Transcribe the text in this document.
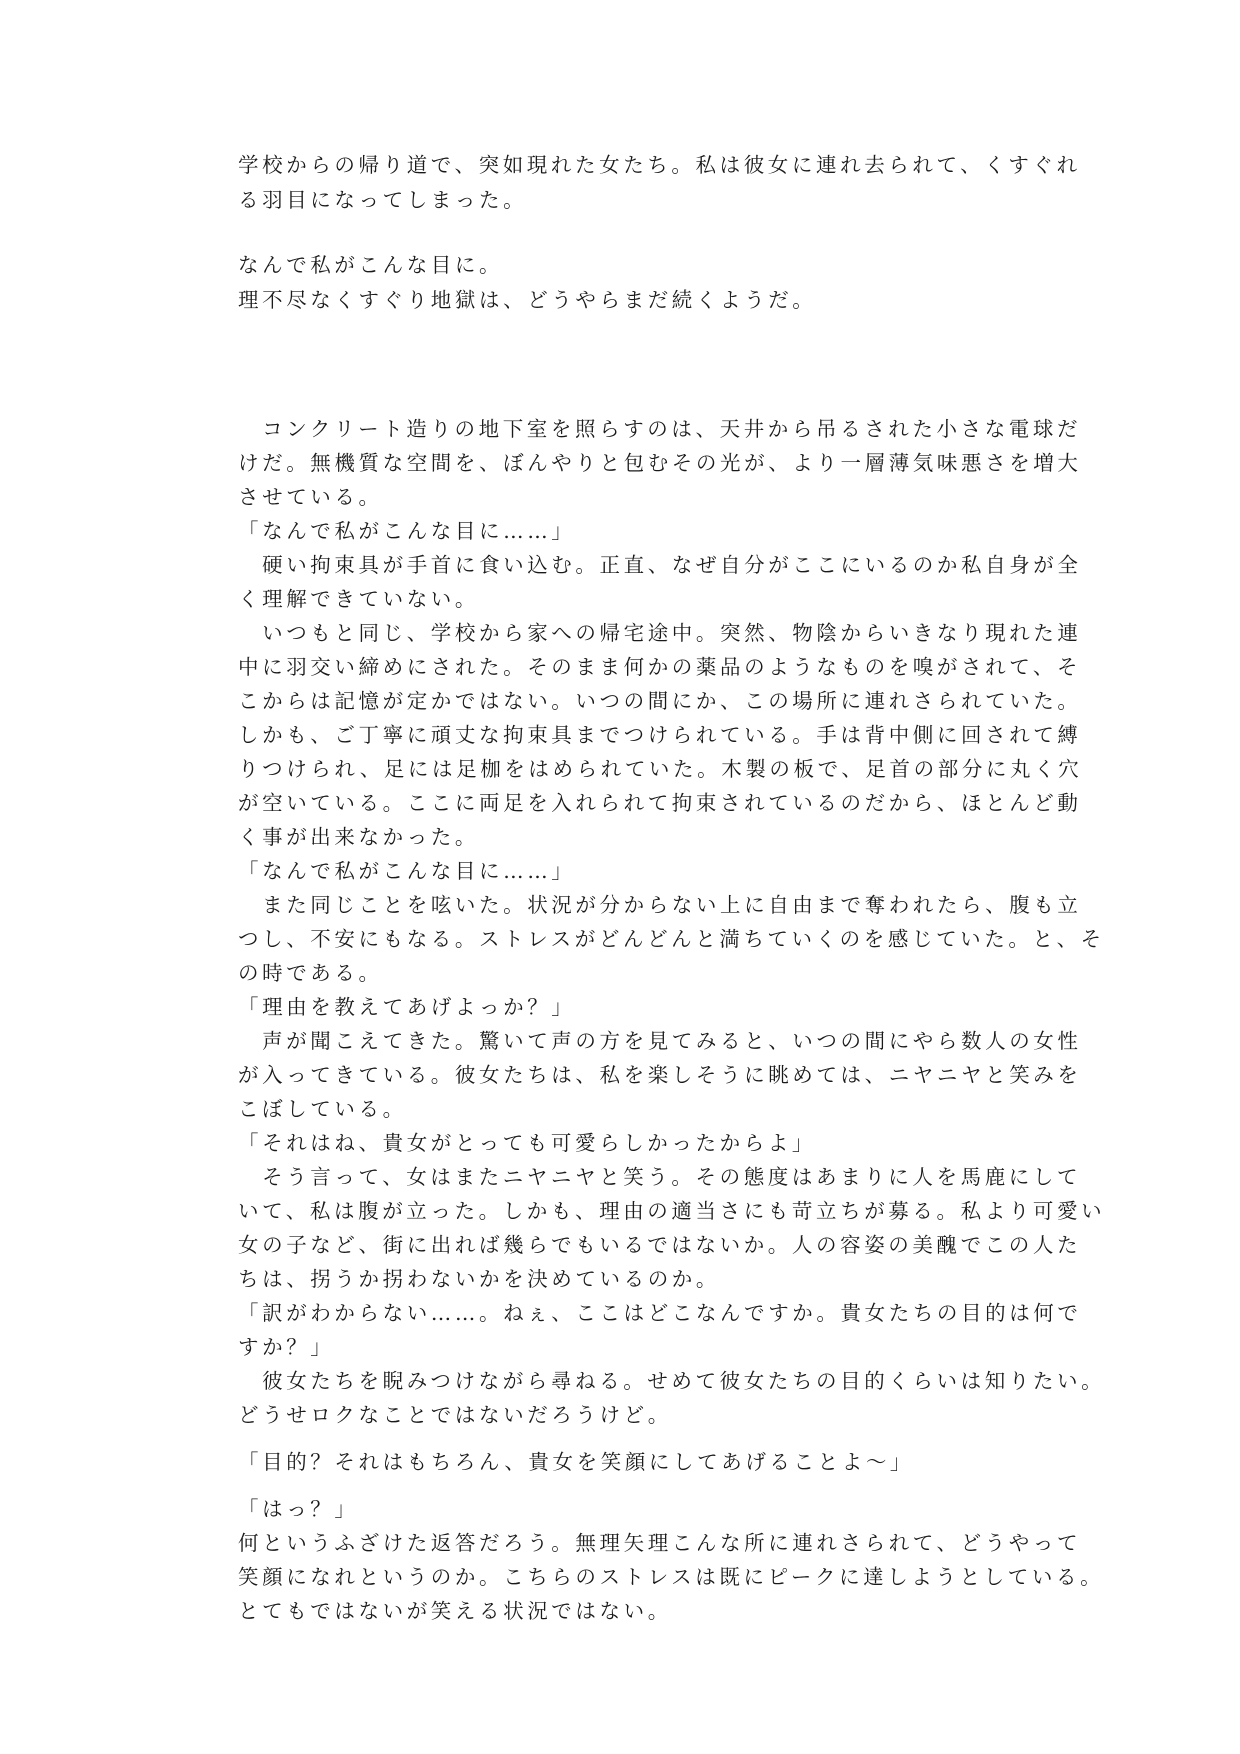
学校からの帰り道で、突如現れた女たち。私は彼女に連れ去られて、くすぐれ
る羽目になってしまった。
なんで私がこんな目に。
理不尽なくすぐり地獄は、どうやらまだ続くようだ。
　コンクリート造りの地下室を照らすのは、天井から吊るされた小さな電球だ
けだ。無機質な空間を、ぼんやりと包むその光が、より一層薄気味悪さを増大
させている。
「なんで私がこんな目に……」
　硬い拘束具が手首に食い込む。正直、なぜ自分がここにいるのか私自身が全
く理解できていない。
　いつもと同じ、学校から家への帰宅途中。突然、物陰からいきなり現れた連
中に羽交い締めにされた。そのまま何かの薬品のようなものを嗅がされて、そ
こからは記憶が定かではない。いつの間にか、この場所に連れさられていた。
しかも、ご丁寧に頑丈な拘束具までつけられている。手は背中側に回されて縛
りつけられ、足には足枷をはめられていた。木製の板で、足首の部分に丸く穴
が空いている。ここに両足を入れられて拘束されているのだから、ほとんど動
く事が出来なかった。
「なんで私がこんな目に……」
　また同じことを呟いた。状況が分からない上に自由まで奪われたら、腹も立
つし、不安にもなる。ストレスがどんどんと満ちていくのを感じていた。と、そ
の時である。
「理由を教えてあげよっか？」
　声が聞こえてきた。驚いて声の方を見てみると、いつの間にやら数人の女性
が入ってきている。彼女たちは、私を楽しそうに眺めては、ニヤニヤと笑みを
こぼしている。
「それはね、貴女がとっても可愛らしかったからよ」
　そう言って、女はまたニヤニヤと笑う。その態度はあまりに人を馬鹿にして
いて、私は腹が立った。しかも、理由の適当さにも苛立ちが募る。私より可愛い
女の子など、街に出れば幾らでもいるではないか。人の容姿の美醜でこの人た
ちは、拐うか拐わないかを決めているのか。
「訳がわからない……。ねぇ、ここはどこなんですか。貴女たちの目的は何で
すか？」
　彼女たちを睨みつけながら尋ねる。せめて彼女たちの目的くらいは知りたい。
どうせロクなことではないだろうけど。
「目的？それはもちろん、貴女を笑顔にしてあげることよ〜」
「はっ？」
何というふざけた返答だろう。無理矢理こんな所に連れさられて、どうやって
笑顔になれというのか。こちらのストレスは既にピークに達しようとしている。
とてもではないが笑える状況ではない。
